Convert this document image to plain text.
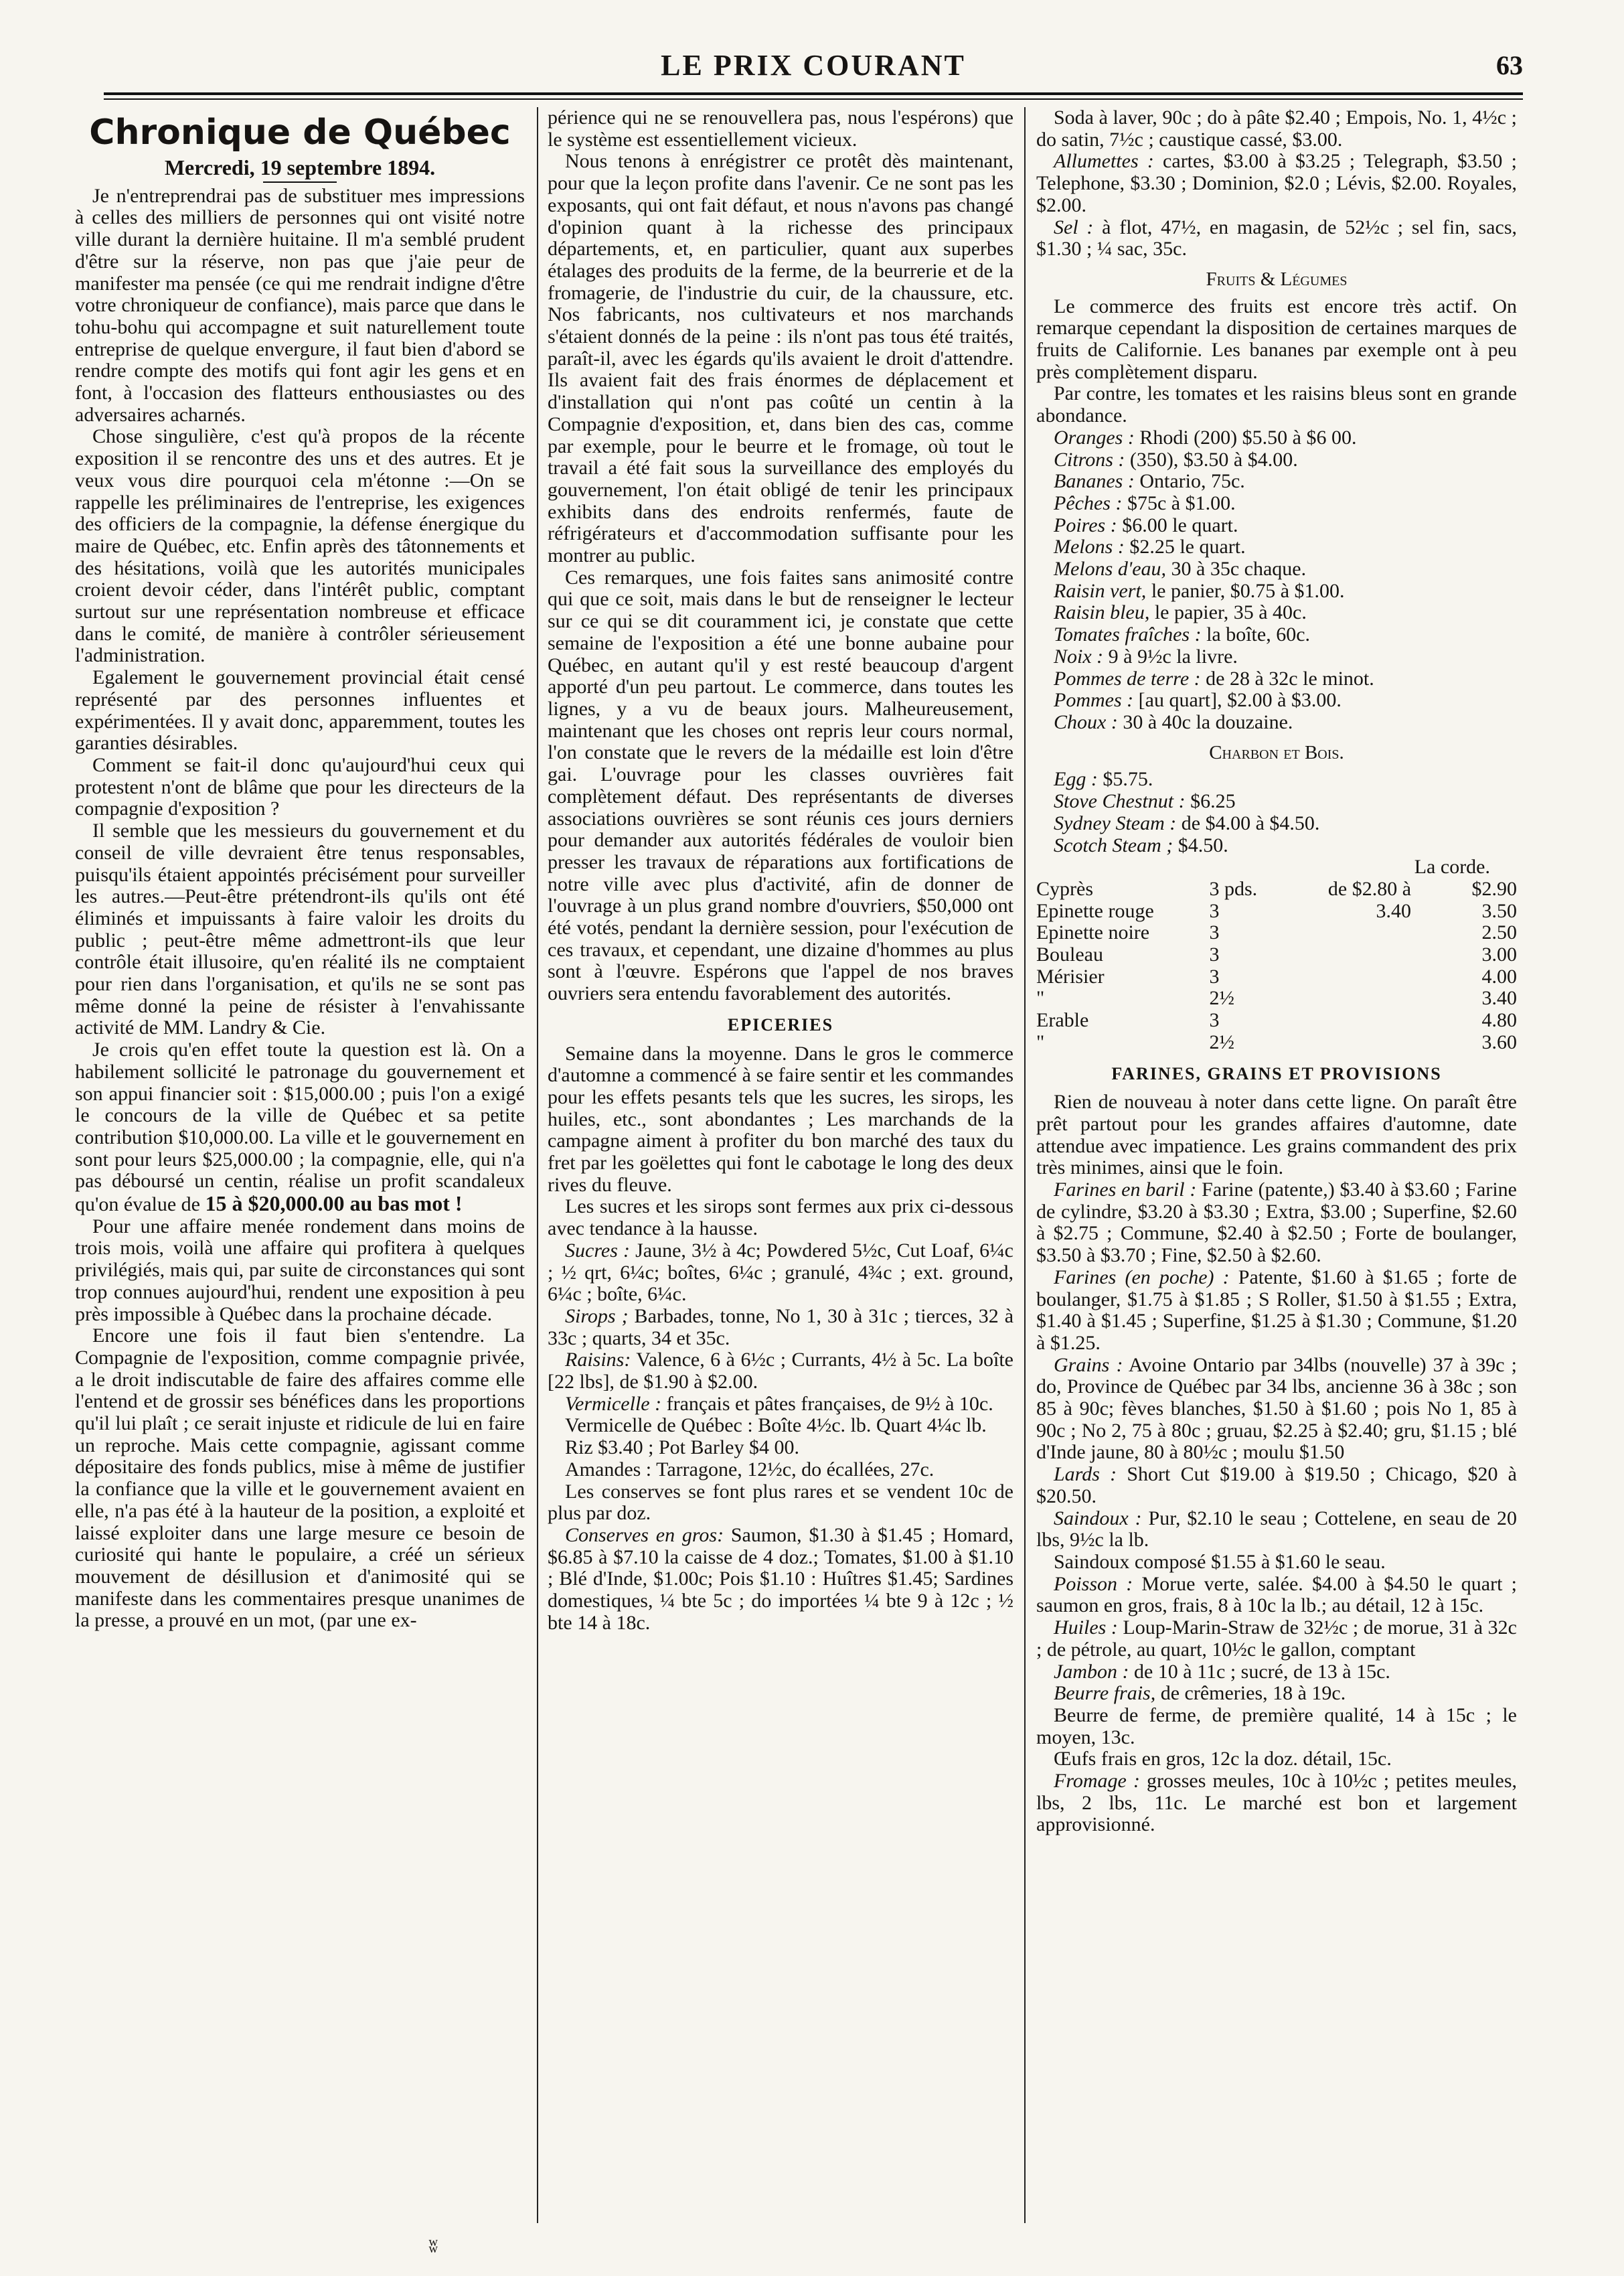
LE PRIX COURANT	63
Chronique de Québec
Mercredi, 19 septembre 1894.

Je n'entreprendrai pas de substituer mes impressions à celles des milliers de personnes qui ont visité notre ville durant la dernière huitaine. Il m'a semblé prudent d'être sur la réserve, non pas que j'aie peur de manifester ma pensée (ce qui me rendrait indigne d'être votre chroniqueur de confiance), mais parce que dans le tohu-bohu qui accompagne et suit naturellement toute entreprise de quelque envergure, il faut bien d'abord se rendre compte des motifs qui font agir les gens et en font, à l'occasion des flatteurs enthousiastes ou des adversaires acharnés.

Chose singulière, c'est qu'à propos de la récente exposition il se rencontre des uns et des autres. Et je veux vous dire pourquoi cela m'étonne :—On se rappelle les préliminaires de l'entreprise, les exigences des officiers de la compagnie, la défense énergique du maire de Québec, etc. Enfin après des tâtonnements et des hésitations, voilà que les autorités municipales croient devoir céder, dans l'intérêt public, comptant surtout sur une représentation nombreuse et efficace dans le comité, de manière à contrôler sérieusement l'administration.

Egalement le gouvernement provincial était censé représenté par des personnes influentes et expérimentées. Il y avait donc, apparemment, toutes les garanties désirables.

Comment se fait-il donc qu'aujourd'hui ceux qui protestent n'ont de blâme que pour les directeurs de la compagnie d'exposition ?

Il semble que les messieurs du gouvernement et du conseil de ville devraient être tenus responsables, puisqu'ils étaient appointés précisément pour surveiller les autres.—Peut-être prétendront-ils qu'ils ont été éliminés et impuissants à faire valoir les droits du public ; peut-être même admettront-ils que leur contrôle était illusoire, qu'en réalité ils ne comptaient pour rien dans l'organisation, et qu'ils ne se sont pas même donné la peine de résister à l'envahissante activité de MM. Landry & Cie.

Je crois qu'en effet toute la question est là. On a habilement sollicité le patronage du gouvernement et son appui financier soit : $15,000.00 ; puis l'on a exigé le concours de la ville de Québec et sa petite contribution $10,000.00. La ville et le gouvernement en sont pour leurs $25,000.00 ; la compagnie, elle, qui n'a pas déboursé un centin, réalise un profit scandaleux qu'on évalue de 15 à $20,000.00 au bas mot !

Pour une affaire menée rondement dans moins de trois mois, voilà une affaire qui profitera à quelques privilégiés, mais qui, par suite de circonstances qui sont trop connues aujourd'hui, rendent une exposition à peu près impossible à Québec dans la prochaine décade.

Encore une fois il faut bien s'entendre. La Compagnie de l'exposition, comme compagnie privée, a le droit indiscutable de faire des affaires comme elle l'entend et de grossir ses bénéfices dans les proportions qu'il lui plaît ; ce serait injuste et ridicule de lui en faire un reproche. Mais cette compagnie, agissant comme dépositaire des fonds publics, mise à même de justifier la confiance que la ville et le gouvernement avaient en elle, n'a pas été à la hauteur de la position, a exploité et laissé exploiter dans une large mesure ce besoin de curiosité qui hante le populaire, a créé un sérieux mouvement de désillusion et d'animosité qui se manifeste dans les commentaires presque unanimes de la presse, a prouvé en un mot, (par une ex-

périence qui ne se renouvellera pas, nous l'espérons) que le système est essentiellement vicieux.

Nous tenons à enrégistrer ce protêt dès maintenant, pour que la leçon profite dans l'avenir. Ce ne sont pas les exposants, qui ont fait défaut, et nous n'avons pas changé d'opinion quant à la richesse des principaux départements, et, en particulier, quant aux superbes étalages des produits de la ferme, de la beurrerie et de la fromagerie, de l'industrie du cuir, de la chaussure, etc. Nos fabricants, nos cultivateurs et nos marchands s'étaient donnés de la peine : ils n'ont pas tous été traités, paraît-il, avec les égards qu'ils avaient le droit d'attendre. Ils avaient fait des frais énormes de déplacement et d'installation qui n'ont pas coûté un centin à la Compagnie d'exposition, et, dans bien des cas, comme par exemple, pour le beurre et le fromage, où tout le travail a été fait sous la surveillance des employés du gouvernement, l'on était obligé de tenir les principaux exhibits dans des endroits renfermés, faute de réfrigérateurs et d'accommodation suffisante pour les montrer au public.

Ces remarques, une fois faites sans animosité contre qui que ce soit, mais dans le but de renseigner le lecteur sur ce qui se dit couramment ici, je constate que cette semaine de l'exposition a été une bonne aubaine pour Québec, en autant qu'il y est resté beaucoup d'argent apporté d'un peu partout. Le commerce, dans toutes les lignes, y a vu de beaux jours. Malheureusement, maintenant que les choses ont repris leur cours normal, l'on constate que le revers de la médaille est loin d'être gai. L'ouvrage pour les classes ouvrières fait complètement défaut. Des représentants de diverses associations ouvrières se sont réunis ces jours derniers pour demander aux autorités fédérales de vouloir bien presser les travaux de réparations aux fortifications de notre ville avec plus d'activité, afin de donner de l'ouvrage à un plus grand nombre d'ouvriers, $50,000 ont été votés, pendant la dernière session, pour l'exécution de ces travaux, et cependant, une dizaine d'hommes au plus sont à l'œuvre. Espérons que l'appel de nos braves ouvriers sera entendu favorablement des autorités.

EPICERIES

Semaine dans la moyenne. Dans le gros le commerce d'automne a commencé à se faire sentir et les commandes pour les effets pesants tels que les sucres, les sirops, les huiles, etc., sont abondantes ; Les marchands de la campagne aiment à profiter du bon marché des taux du fret par les goëlettes qui font le cabotage le long des deux rives du fleuve.

Les sucres et les sirops sont fermes aux prix ci-dessous avec tendance à la hausse.

Sucres : Jaune, 3½ à 4c; Powdered 5½c, Cut Loaf, 6¼c ; ½ qrt, 6¼c; boîtes, 6¼c ; granulé, 4¾c ; ext. ground, 6¼c ; boîte, 6¼c.

Sirops ; Barbades, tonne, No 1, 30 à 31c ; tierces, 32 à 33c ; quarts, 34 et 35c.

Raisins: Valence, 6 à 6½c ; Currants, 4½ à 5c. La boîte [22 lbs], de $1.90 à $2.00.

Vermicelle : français et pâtes françaises, de 9½ à 10c.

Vermicelle de Québec : Boîte 4½c. lb. Quart 4¼c lb.

Riz $3.40 ; Pot Barley $4 00.

Amandes : Tarragone, 12½c, do écallées, 27c.

Les conserves se font plus rares et se vendent 10c de plus par doz.

Conserves en gros: Saumon, $1.30 à $1.45 ; Homard, $6.85 à $7.10 la caisse de 4 doz.; Tomates, $1.00 à $1.10 ; Blé d'Inde, $1.00c; Pois $1.10 : Huîtres $1.45; Sardines domestiques, ¼ bte 5c ; do importées ¼ bte 9 à 12c ; ½ bte 14 à 18c.

Soda à laver, 90c ; do à pâte $2.40 ; Empois, No. 1, 4½c ; do satin, 7½c ; caustique cassé, $3.00.

Allumettes : cartes, $3.00 à $3.25 ; Telegraph, $3.50 ; Telephone, $3.30 ; Dominion, $2.0 ; Lévis, $2.00. Royales, $2.00.

Sel : à flot, 47½, en magasin, de 52½c ; sel fin, sacs, $1.30 ; ¼ sac, 35c.

Fruits & Légumes

Le commerce des fruits est encore très actif. On remarque cependant la disposition de certaines marques de fruits de Californie. Les bananes par exemple ont à peu près complètement disparu.

Par contre, les tomates et les raisins bleus sont en grande abondance.

Oranges : Rhodi (200) $5.50 à $6 00.

Citrons : (350), $3.50 à $4.00.

Bananes : Ontario, 75c.

Pêches : $75c à $1.00.

Poires : $6.00 le quart.

Melons : $2.25 le quart.

Melons d'eau, 30 à 35c chaque.

Raisin vert, le panier, $0.75 à $1.00.

Raisin bleu, le papier, 35 à 40c.

Tomates fraîches : la boîte, 60c.

Noix : 9 à 9½c la livre.

Pommes de terre : de 28 à 32c le minot.

Pommes : [au quart], $2.00 à $3.00.

Choux : 30 à 40c la douzaine.

Charbon et Bois.

Egg : $5.75.

Stove Chestnut : $6.25

Sydney Steam : de $4.00 à $4.50.

Scotch Steam ; $4.50.

La corde.
Cyprès	3 pds.	de $2.80 à	$2.90
Epinette rouge	3	3.40	3.50
Epinette noire	3		2.50
Bouleau	3		3.00
Mérisier	3		4.00
"	2½		3.40
Erable	3		4.80
"	2½		3.60
FARINES, GRAINS ET PROVISIONS

Rien de nouveau à noter dans cette ligne. On paraît être prêt partout pour les grandes affaires d'automne, date attendue avec impatience. Les grains commandent des prix très minimes, ainsi que le foin.

Farines en baril : Farine (patente,) $3.40 à $3.60 ; Farine de cylindre, $3.20 à $3.30 ; Extra, $3.00 ; Superfine, $2.60 à $2.75 ; Commune, $2.40 à $2.50 ; Forte de boulanger, $3.50 à $3.70 ; Fine, $2.50 à $2.60.

Farines (en poche) : Patente, $1.60 à $1.65 ; forte de boulanger, $1.75 à $1.85 ; S Roller, $1.50 à $1.55 ; Extra, $1.40 à $1.45 ; Superfine, $1.25 à $1.30 ; Commune, $1.20 à $1.25.

Grains : Avoine Ontario par 34lbs (nouvelle) 37 à 39c ; do, Province de Québec par 34 lbs, ancienne 36 à 38c ; son 85 à 90c; fèves blanches, $1.50 à $1.60 ; pois No 1, 85 à 90c ; No 2, 75 à 80c ; gruau, $2.25 à $2.40; gru, $1.15 ; blé d'Inde jaune, 80 à 80½c ; moulu $1.50

Lards : Short Cut $19.00 à $19.50 ; Chicago, $20 à $20.50.

Saindoux : Pur, $2.10 le seau ; Cottelene, en seau de 20 lbs, 9½c la lb.

Saindoux composé $1.55 à $1.60 le seau.

Poisson : Morue verte, salée. $4.00 à $4.50 le quart ; saumon en gros, frais, 8 à 10c la lb.; au détail, 12 à 15c.

Huiles : Loup-Marin-Straw de 32½c ; de morue, 31 à 32c ; de pétrole, au quart, 10½c le gallon, comptant

Jambon : de 10 à 11c ; sucré, de 13 à 15c.

Beurre frais, de crêmeries, 18 à 19c.

Beurre de ferme, de première qualité, 14 à 15c ; le moyen, 13c.

Œufs frais en gros, 12c la doz. détail, 15c.

Fromage : grosses meules, 10c à 10½c ; petites meules, lbs, 2 lbs, 11c. Le marché est bon et largement approvisionné.

ʬ
